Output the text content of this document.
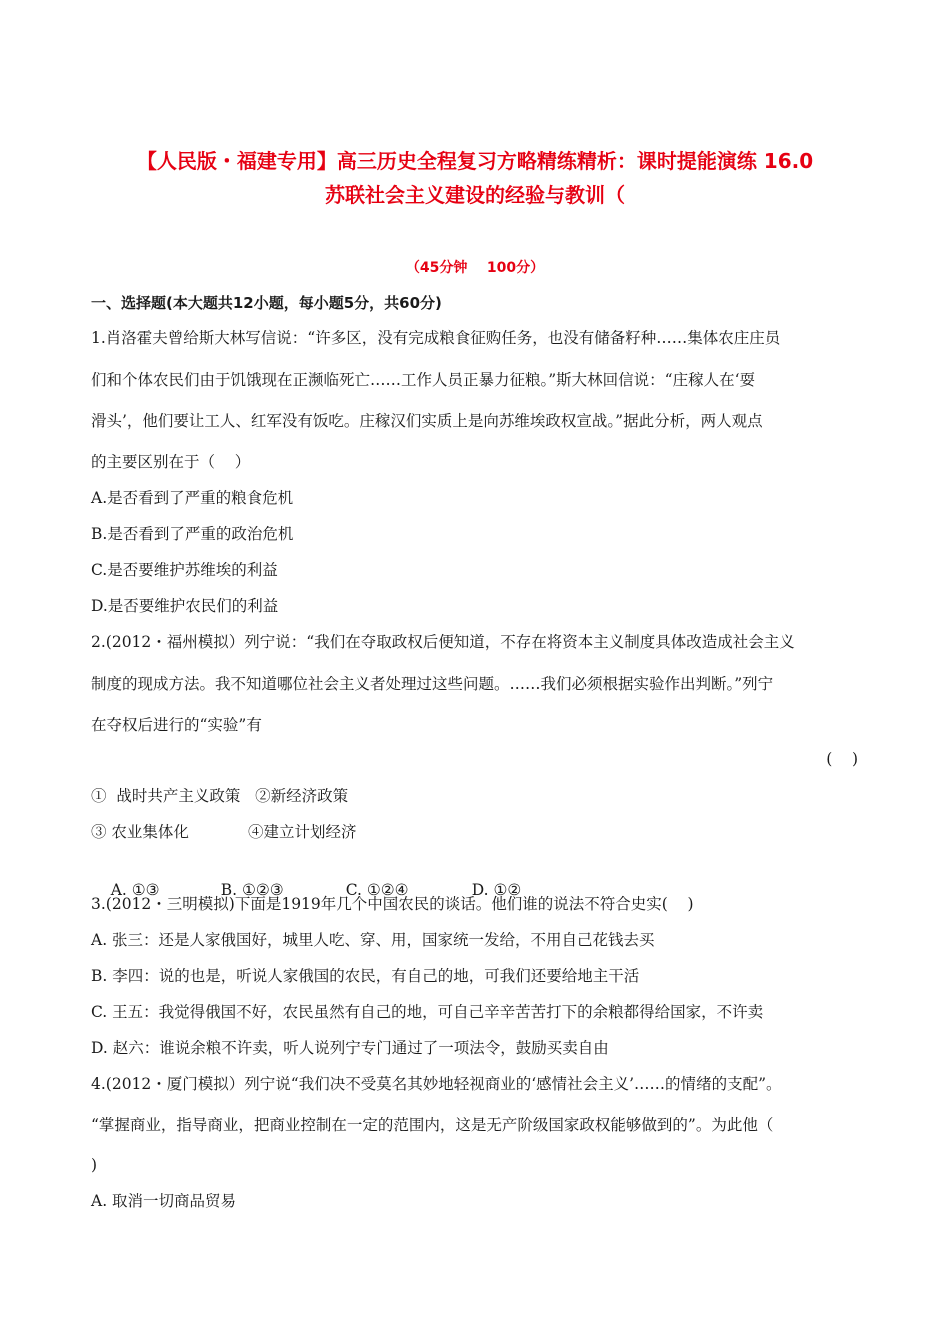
【人民版・福建专用】高三历史全程复习方略精练精析：课时提能演练 16.0
苏联社会主义建设的经验与教训（
（45分钟    100分）
一、选择题(本大题共12小题，每小题5分，共60分)
1.肖洛霍夫曾给斯大林写信说：“许多区，没有完成粮食征购任务，也没有储备籽种……集体农庄庄员
们和个体农民们由于饥饿现在正濒临死亡……工作人员正暴力征粮。”斯大林回信说：“庄稼人在‘耍
滑头’，他们要让工人、红军没有饭吃。庄稼汉们实质上是向苏维埃政权宣战。”据此分析，两人观点
的主要区别在于（    ）
A.是否看到了严重的粮食危机
B.是否看到了严重的政治危机
C.是否要维护苏维埃的利益
D.是否要维护农民们的利益
2.(2012・福州模拟）列宁说：“我们在夺取政权后便知道，不存在将资本主义制度具体改造成社会主义
制度的现成方法。我不知道哪位社会主义者处理过这些问题。……我们必须根据实验作出判断。”列宁
在夺权后进行的“实验”有
(    )
①  战时共产主义政策   ②新经济政策
③ 农业集体化            ④建立计划经济

A. ①③	B. ①②③	C. ①②④	D. ①②

3.(2012・三明模拟)下面是1919年几个中国农民的谈话。他们谁的说法不符合史实(    )
A. 张三：还是人家俄国好，城里人吃、穿、用，国家统一发给，不用自己花钱去买
B. 李四：说的也是，听说人家俄国的农民，有自己的地，可我们还要给地主干活
C. 王五：我觉得俄国不好，农民虽然有自己的地，可自己辛辛苦苦打下的余粮都得给国家，不许卖
D. 赵六：谁说余粮不许卖，听人说列宁专门通过了一项法令，鼓励买卖自由
4.(2012・厦门模拟）列宁说“我们决不受莫名其妙地轻视商业的‘感情社会主义’……的情绪的支配”。
“掌握商业，指导商业，把商业控制在一定的范围内，这是无产阶级国家政权能够做到的”。为此他（
)
A. 取消一切商品贸易
